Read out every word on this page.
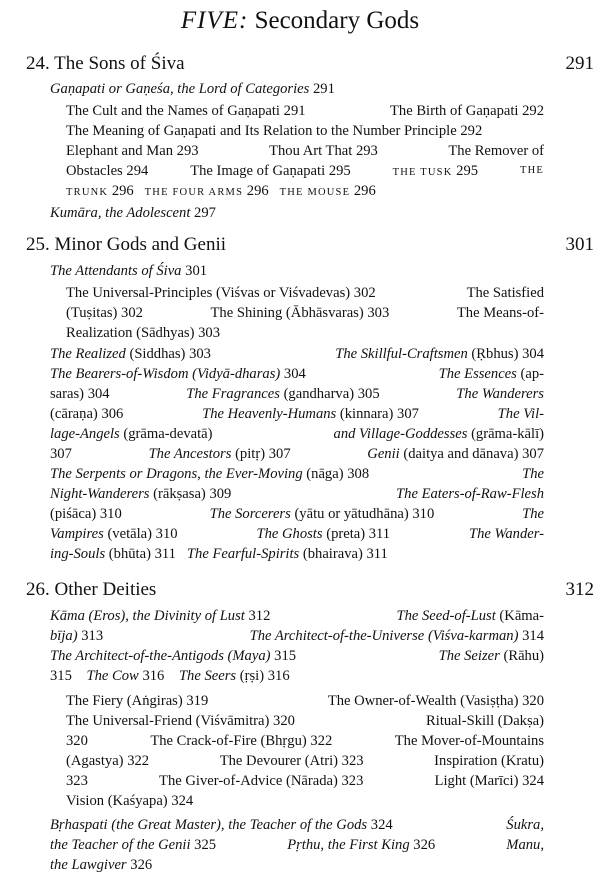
FIVE: Secondary Gods
24. The Sons of Śiva	291
Gaṇapati or Gaṇeśa, the Lord of Categories 291
The Cult and the Names of Gaṇapati 291	The Birth of Gaṇapati 292
The Meaning of Gaṇapati and Its Relation to the Number Principle 292
Elephant and Man 293	Thou Art That 293	The Remover of
Obstacles 294	The Image of Gaṇapati 295	THE TUSK 295	THE
TRUNK 296 THE FOUR ARMS 296 THE MOUSE 296
Kumāra, the Adolescent 297
25. Minor Gods and Genii	301
The Attendants of Śiva 301
The Universal-Principles (Viśvas or Viśvadevas) 302	The Satisfied
(Tuṣitas) 302	The Shining (Ābhāsvaras) 303	The Means-of-
Realization (Sādhyas) 303
The Realized (Siddhas) 303	The Skillful-Craftsmen (Ṛbhus) 304
The Bearers-of-Wisdom (Vidyā-dharas) 304	The Essences (ap-
saras) 304	The Fragrances (gandharva) 305	The Wanderers
(cāraṇa) 306	The Heavenly-Humans (kinnara) 307	The Vil-
lage-Angels (grāma-devatā)	and Village-Goddesses (grāma-kālī)
307	The Ancestors (pitṛ) 307	Genii (daitya and dānava) 307
The Serpents or Dragons, the Ever-Moving (nāga) 308	The
Night-Wanderers (rākṣasa) 309	The Eaters-of-Raw-Flesh
(piśāca) 310	The Sorcerers (yātu or yātudhāna) 310	The
Vampires (vetāla) 310	The Ghosts (preta) 311	The Wander-
ing-Souls (bhūta) 311 The Fearful-Spirits (bhairava) 311
26. Other Deities	312
Kāma (Eros), the Divinity of Lust 312	The Seed-of-Lust (Kāma-
bīja) 313	The Architect-of-the-Universe (Viśva-karman) 314
The Architect-of-the-Antigods (Maya) 315	The Seizer (Rāhu)
315 The Cow 316 The Seers (ṛṣi) 316
The Fiery (Aṅgiras) 319	The Owner-of-Wealth (Vasiṣṭha) 320
The Universal-Friend (Viśvāmitra) 320	Ritual-Skill (Dakṣa)
320	The Crack-of-Fire (Bhṛgu) 322	The Mover-of-Mountains
(Agastya) 322	The Devourer (Atri) 323	Inspiration (Kratu)
323	The Giver-of-Advice (Nārada) 323	Light (Marīci) 324
Vision (Kaśyapa) 324
Bṛhaspati (the Great Master), the Teacher of the Gods 324	Śukra,
the Teacher of the Genii 325	Pṛthu, the First King 326	Manu,
the Lawgiver 326
